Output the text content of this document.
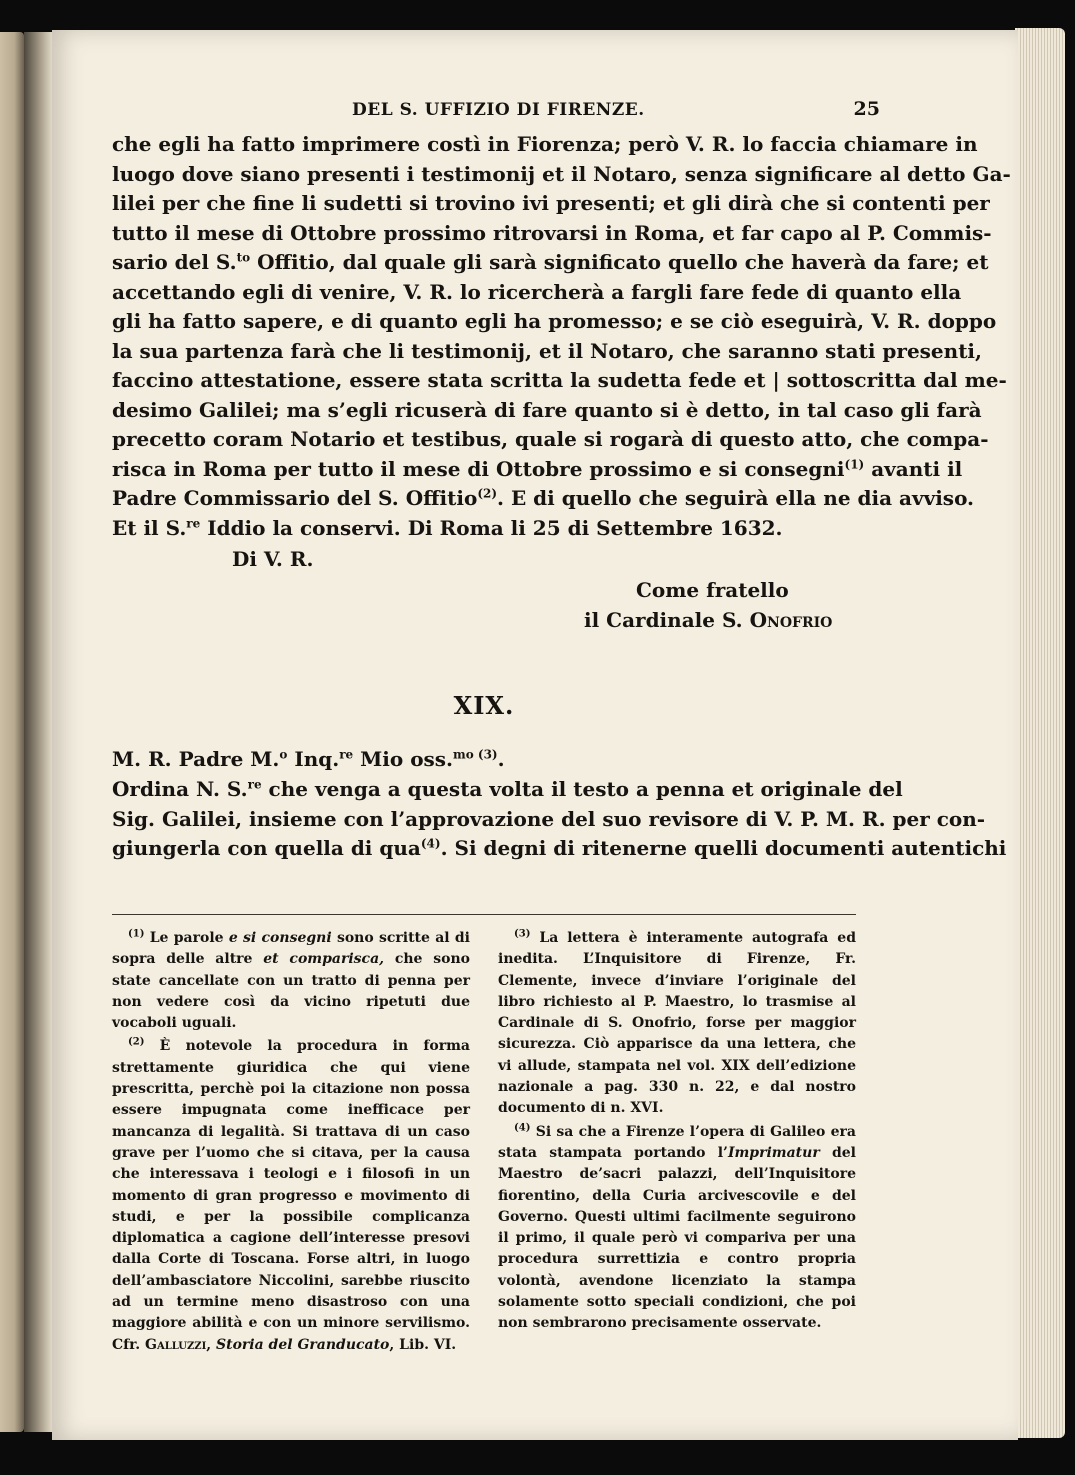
DEL S. UFFIZIO DI FIRENZE.	25

che egli ha fatto imprimere costì in Fiorenza; però V. R. lo faccia chiamare in
luogo dove siano presenti i testimonij et il Notaro, senza significare al detto Ga-
lilei per che fine li sudetti si trovino ivi presenti; et gli dirà che si contenti per
tutto il mese di Ottobre prossimo ritrovarsi in Roma, et far capo al P. Commis-
sario del S.$^{to}$ Offitio, dal quale gli sarà significato quello che haverà da fare; et
accettando egli di venire, V. R. lo ricercherà a fargli fare fede di quanto ella
gli ha fatto sapere, e di quanto egli ha promesso; e se ciò eseguirà, V. R. doppo
la sua partenza farà che li testimonij, et il Notaro, che saranno stati presenti,
faccino attestatione, essere stata scritta la sudetta fede et | sottoscritta dal me-
desimo Galilei; ma s’egli ricuserà di fare quanto si è detto, in tal caso gli farà
precetto coram Notario et testibus, quale si rogarà di questo atto, che compa-
risca in Roma per tutto il mese di Ottobre prossimo e si consegni$^{(1)}$ avanti il
Padre Commissario del S. Offitio$^{(2)}$. E di quello che seguirà ella ne dia avviso.
Et il S.$^{re}$ Iddio la conservi. Di Roma li 25 di Settembre 1632.

Di V. R.

Come fratello

il Cardinale S. Onofrio

XIX.

M. R. Padre M.$^o$ Inq.$^{re}$ Mio oss.$^{mo (3)}$.

Ordina N. S.$^{re}$ che venga a questa volta il testo a penna et originale del
Sig. Galilei, insieme con l’approvazione del suo revisore di V. P. M. R. per con-
giungerla con quella di qua$^{(4)}$. Si degni di ritenerne quelli documenti autentichi

$^{(1)}$ Le parole e si consegni sono scritte al di sopra delle altre et comparisca, che sono state cancellate con un tratto di penna per non vedere così da vicino ripetuti due vocaboli uguali.

$^{(2)}$ È notevole la procedura in forma strettamente giuridica che qui viene prescritta, perchè poi la citazione non possa essere impugnata come inefficace per mancanza di legalità. Si trattava di un caso grave per l’uomo che si citava, per la causa che interessava i teologi e i filosofi in un momento di gran progresso e movimento di studi, e per la possibile complicanza diplomatica a cagione dell’interesse presovi dalla Corte di Toscana. Forse altri, in luogo dell’ambasciatore Niccolini, sarebbe riuscito ad un termine meno disastroso con una maggiore abilità e con un minore servilismo. Cfr. Galluzzi, Storia del Granducato, Lib. VI.

$^{(3)}$ La lettera è interamente autografa ed inedita. L’Inquisitore di Firenze, Fr. Clemente, invece d’inviare l’originale del libro richiesto al P. Maestro, lo trasmise al Cardinale di S. Onofrio, forse per maggior sicurezza. Ciò apparisce da una lettera, che vi allude, stampata nel vol. XIX dell’edizione nazionale a pag. 330 n. 22, e dal nostro documento di n. XVI.

$^{(4)}$ Si sa che a Firenze l’opera di Galileo era stata stampata portando l’Imprimatur del Maestro de’sacri palazzi, dell’Inquisitore fiorentino, della Curia arcivescovile e del Governo. Questi ultimi facilmente seguirono il primo, il quale però vi compariva per una procedura surrettizia e contro propria volontà, avendone licenziato la stampa solamente sotto speciali condizioni, che poi non sembrarono precisamente osservate.
